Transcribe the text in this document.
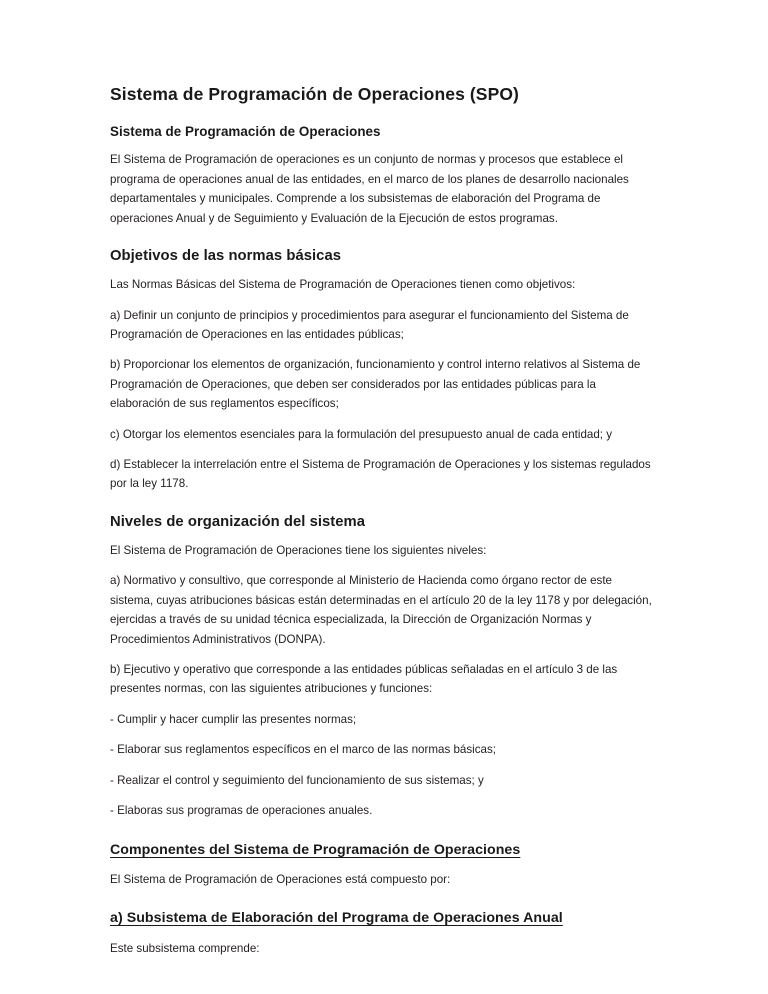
Sistema de Programación de Operaciones (SPO)
Sistema de Programación de Operaciones

El Sistema de Programación de operaciones es un conjunto de normas y procesos que establece el programa de operaciones anual de las entidades, en el marco de los planes de desarrollo nacionales departamentales y municipales. Comprende a los subsistemas de elaboración del Programa de operaciones Anual y de Seguimiento y Evaluación de la Ejecución de estos programas.

Objetivos de las normas básicas

Las Normas Básicas del Sistema de Programación de Operaciones tienen como objetivos:

a) Definir un conjunto de principios y procedimientos para asegurar el funcionamiento del Sistema de Programación de Operaciones en las entidades públicas;

b) Proporcionar los elementos de organización, funcionamiento y control interno relativos al Sistema de Programación de Operaciones, que deben ser considerados por las entidades públicas para la elaboración de sus reglamentos específicos;

c) Otorgar los elementos esenciales para la formulación del presupuesto anual de cada entidad; y

d) Establecer la interrelación entre el Sistema de Programación de Operaciones y los sistemas regulados por la ley 1178.

Niveles de organización del sistema

El Sistema de Programación de Operaciones tiene los siguientes niveles:

a) Normativo y consultivo, que corresponde al Ministerio de Hacienda como órgano rector de este sistema, cuyas atribuciones básicas están determinadas en el artículo 20 de la ley 1178 y por delegación, ejercidas a través de su unidad técnica especializada, la Dirección de Organización Normas y Procedimientos Administrativos (DONPA).

b) Ejecutivo y operativo que corresponde a las entidades públicas señaladas en el artículo 3 de las presentes normas, con las siguientes atribuciones y funciones:

- Cumplir y hacer cumplir las presentes normas;

- Elaborar sus reglamentos específicos en el marco de las normas básicas;

- Realizar el control y seguimiento del funcionamiento de sus sistemas; y

- Elaboras sus programas de operaciones anuales.

Componentes del Sistema de Programación de Operaciones

El Sistema de Programación de Operaciones está compuesto por:

a) Subsistema de Elaboración del Programa de Operaciones Anual

Este subsistema comprende:
